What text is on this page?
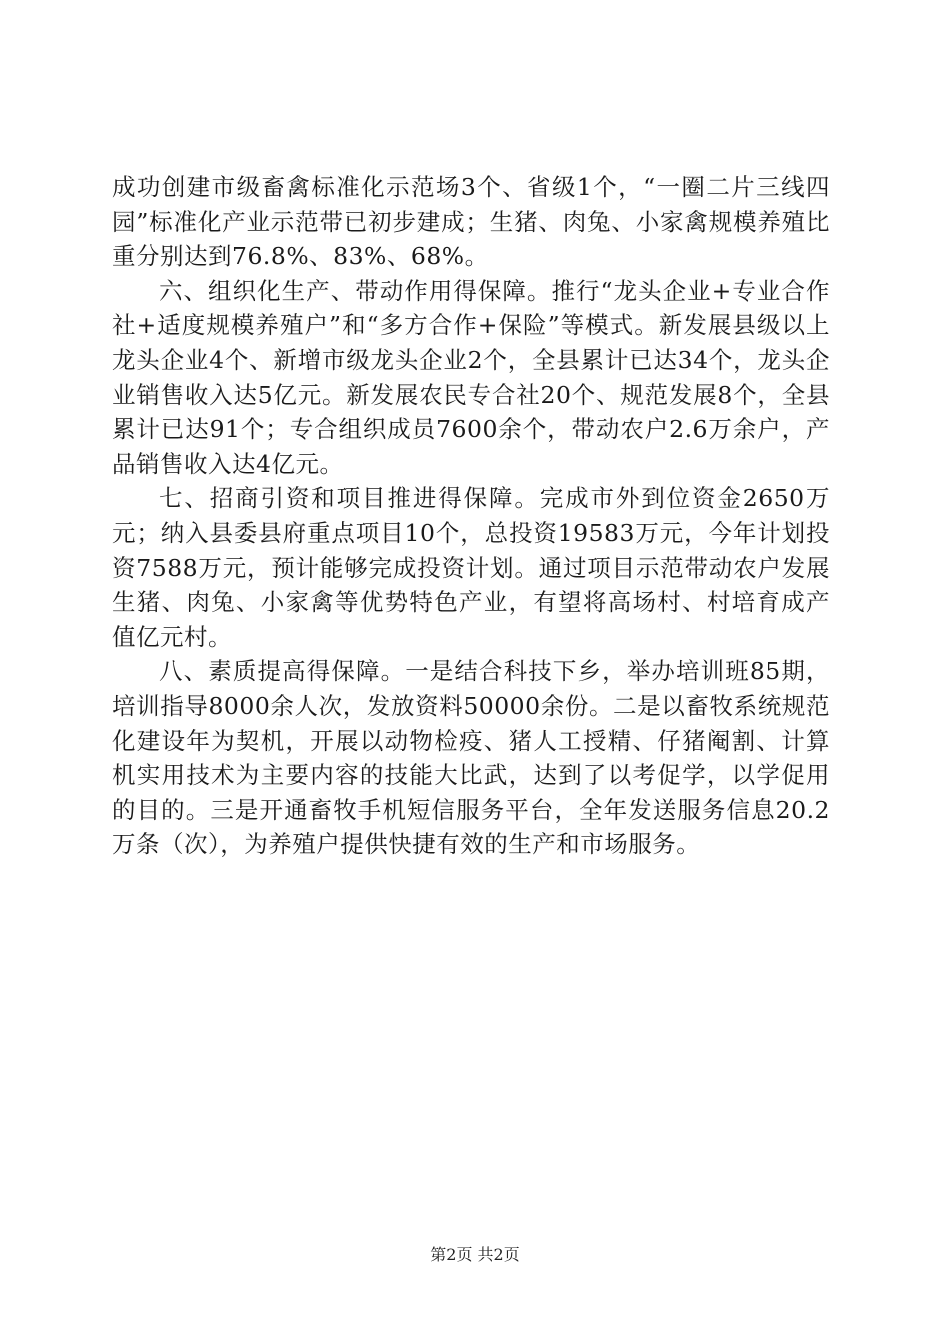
成功创建市级畜禽标准化示范场3个、省级1个，“一圈二片三线四园”标准化产业示范带已初步建成；生猪、肉兔、小家禽规模养殖比重分别达到76.8%、83%、68%。

六、组织化生产、带动作用得保障。推行“龙头企业+专业合作社+适度规模养殖户”和“多方合作+保险”等模式。新发展县级以上龙头企业4个、新增市级龙头企业2个，全县累计已达34个，龙头企业销售收入达5亿元。新发展农民专合社20个、规范发展8个，全县累计已达91个；专合组织成员7600余个，带动农户2.6万余户，产品销售收入达4亿元。

七、招商引资和项目推进得保障。完成市外到位资金2650万元；纳入县委县府重点项目10个，总投资19583万元，今年计划投资7588万元，预计能够完成投资计划。通过项目示范带动农户发展生猪、肉兔、小家禽等优势特色产业，有望将高场村、村培育成产值亿元村。

八、素质提高得保障。一是结合科技下乡，举办培训班85期，培训指导8000余人次，发放资料50000余份。二是以畜牧系统规范化建设年为契机，开展以动物检疫、猪人工授精、仔猪阉割、计算机实用技术为主要内容的技能大比武，达到了以考促学，以学促用的目的。三是开通畜牧手机短信服务平台，全年发送服务信息20.2万条（次），为养殖户提供快捷有效的生产和市场服务。

第2页 共2页
